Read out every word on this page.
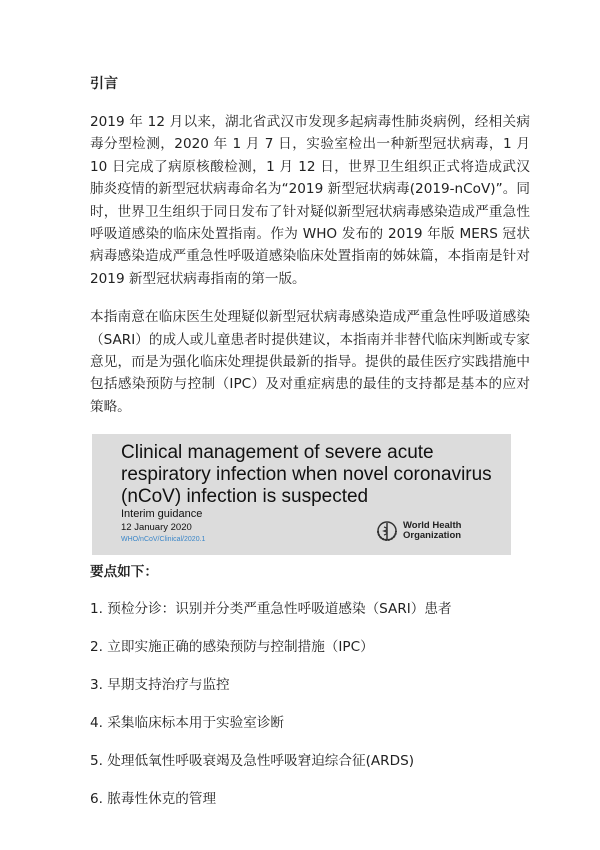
引言
2019 年 12 月以来，湖北省武汉市发现多起病毒性肺炎病例，经相关病毒分型检测，2020 年 1 月 7 日，实验室检出一种新型冠状病毒，1 月 10 日完成了病原核酸检测，1 月 12 日，世界卫生组织正式将造成武汉肺炎疫情的新型冠状病毒命名为“2019 新型冠状病毒(2019-nCoV)”。同时，世界卫生组织于同日发布了针对疑似新型冠状病毒感染造成严重急性呼吸道感染的临床处置指南。作为 WHO 发布的 2019 年版 MERS 冠状病毒感染造成严重急性呼吸道感染临床处置指南的姊妹篇，本指南是针对 2019 新型冠状病毒指南的第一版。
本指南意在临床医生处理疑似新型冠状病毒感染造成严重急性呼吸道感染（SARI）的成人或儿童患者时提供建议，本指南并非替代临床判断或专家意见，而是为强化临床处理提供最新的指导。提供的最佳医疗实践措施中包括感染预防与控制（IPC）及对重症病患的最佳的支持都是基本的应对策略。
Clinical management of severe acute respiratory infection when novel coronavirus (nCoV) infection is suspected
Interim guidance
12 January 2020
WHO/nCoV/Clinical/2020.1
World Health Organization
要点如下：
1. 预检分诊：识别并分类严重急性呼吸道感染（SARI）患者
2. 立即实施正确的感染预防与控制措施（IPC）
3. 早期支持治疗与监控
4. 采集临床标本用于实验室诊断
5. 处理低氧性呼吸衰竭及急性呼吸窘迫综合征(ARDS)
6. 脓毒性休克的管理
